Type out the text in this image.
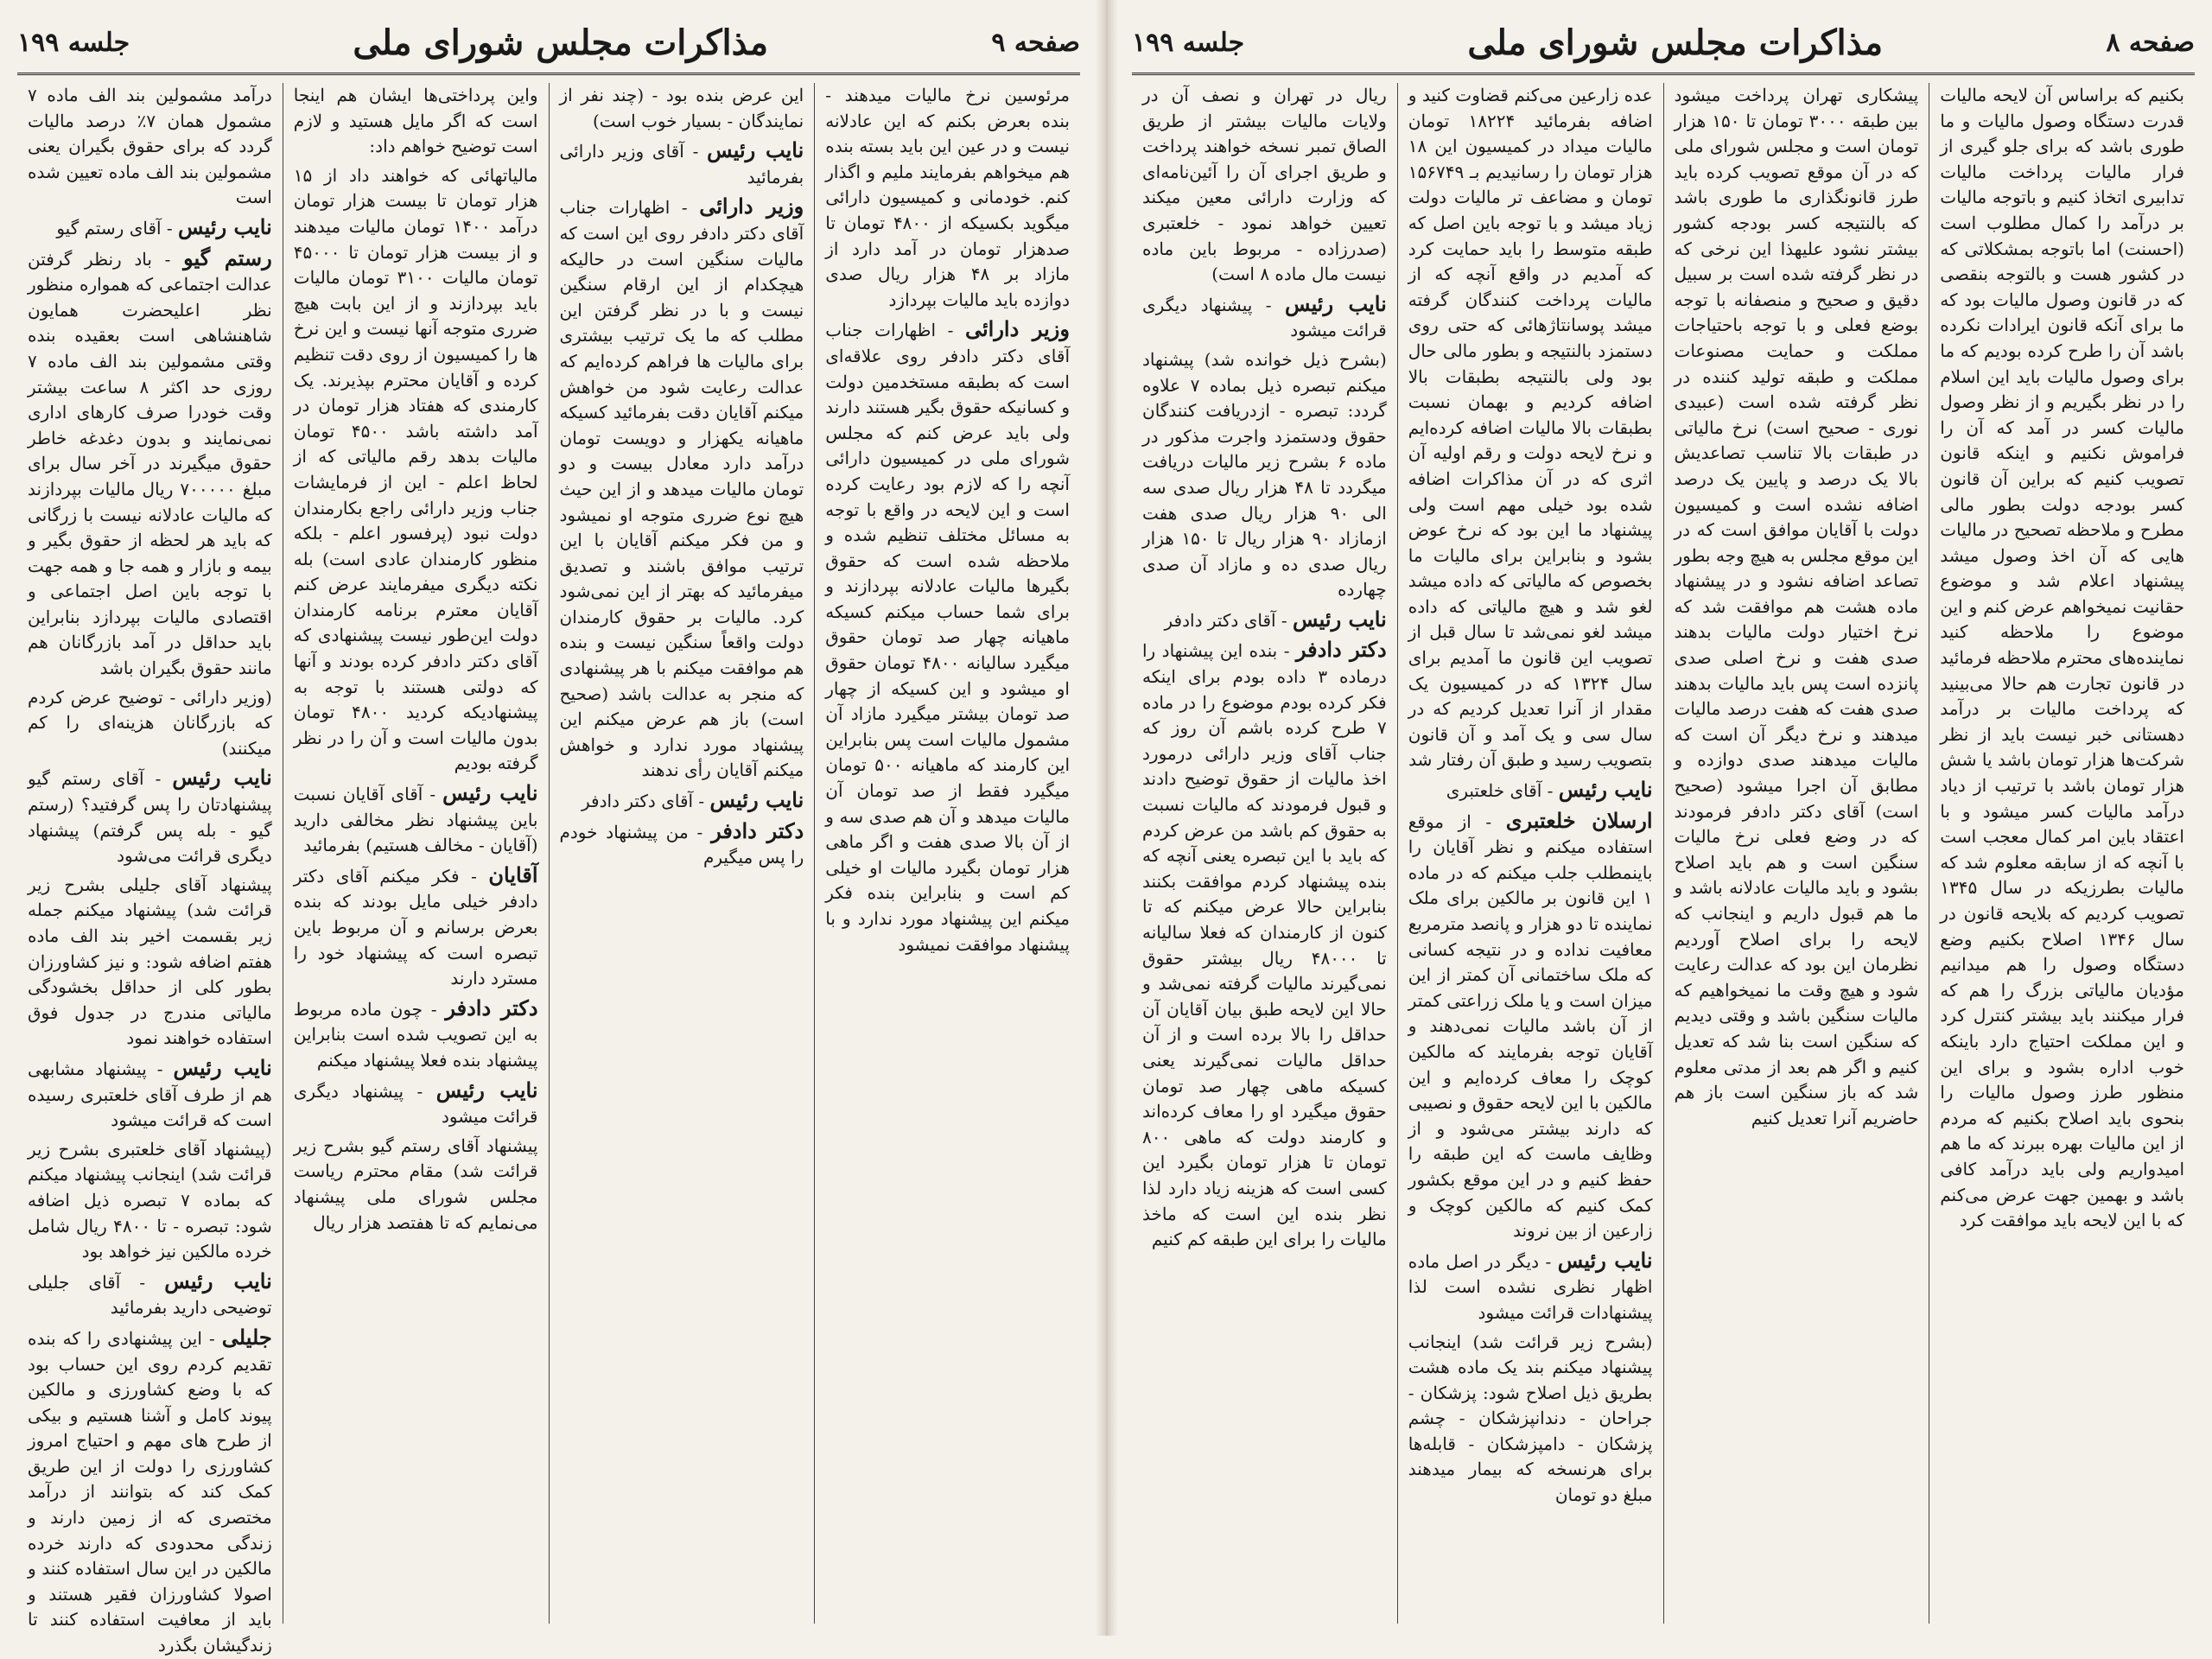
صفحه ۹
مذاکرات مجلس شورای ملی
جلسه ۱۹۹

مرئوسین نرخ مالیات میدهند - بنده بعرض بکنم که این عادلانه نیست و در عین این باید بسته بنده هم میخواهم بفرمایند ملیم و اگذار کنم. خودمانی و کمیسیون دارائی میگوید بکسیکه از ۴۸۰۰ تومان تا صدهزار تومان در آمد دارد از مازاد بر ۴۸ هزار ریال صدی دوازده باید مالیات بپردازد

وزیر دارائی - اظهارات جناب آقای دکتر دادفر روی علاقه‌ای است که بطبقه مستخدمین دولت و کسانیکه حقوق بگیر هستند دارند ولی باید عرض کنم که مجلس شورای ملی در کمیسیون دارائی آنچه را که لازم بود رعایت کرده است و این لایحه در واقع با توجه به مسائل مختلف تنظیم شده و ملاحظه شده است که حقوق بگیرها مالیات عادلانه بپردازند و برای شما حساب میکنم کسیکه ماهیانه چهار صد تومان حقوق میگیرد سالیانه ۴۸۰۰ تومان حقوق او میشود و این کسیکه از چهار صد تومان بیشتر میگیرد مازاد آن مشمول مالیات است پس بنابراین این کارمند که ماهیانه ۵۰۰ تومان میگیرد فقط از صد تومان آن مالیات میدهد و آن هم صدی سه و از آن بالا صدی هفت و اگر ماهی هزار تومان بگیرد مالیات او خیلی کم است و بنابراین بنده فکر میکنم این پیشنهاد مورد ندارد و با پیشنهاد موافقت نمیشود

این عرض بنده بود - (چند نفر از نمایندگان - بسیار خوب است)

نایب رئیس - آقای وزیر دارائی بفرمائید

وزیر دارائی - اظهارات جناب آقای دکتر دادفر روی این است که مالیات سنگین است در حالیکه هیچکدام از این ارقام سنگین نیست و با در نظر گرفتن این مطلب که ما یک ترتیب بیشتری برای مالیات ها فراهم کرده‌ایم که عدالت رعایت شود من خواهش میکنم آقایان دقت بفرمائید کسیکه ماهیانه یکهزار و دویست تومان درآمد دارد معادل بیست و دو تومان مالیات میدهد و از این حیث هیچ نوع ضرری متوجه او نمیشود و من فکر میکنم آقایان با این ترتیب موافق باشند و تصدیق میفرمائید که بهتر از این نمی‌شود کرد. مالیات بر حقوق کارمندان دولت واقعاً سنگین نیست و بنده هم موافقت میکنم با هر پیشنهادی که منجر به عدالت باشد (صحیح است) باز هم عرض میکنم این پیشنهاد مورد ندارد و خواهش میکنم آقایان رأی ندهند

نایب رئیس - آقای دکتر دادفر

دکتر دادفر - من پیشنهاد خودم را پس میگیرم

واین پرداختی‌ها ایشان هم اینجا است که اگر مایل هستید و لازم است توضیح خواهم داد:

مالیاتهائی که خواهند داد از ۱۵ هزار تومان تا بیست هزار تومان درآمد ۱۴۰۰ تومان مالیات میدهند و از بیست هزار تومان تا ۴۵۰۰۰ تومان مالیات ۳۱۰۰ تومان مالیات باید بپردازند و از این بابت هیچ ضرری متوجه آنها نیست و این نرخ ها را کمیسیون از روی دقت تنظیم کرده و آقایان محترم بپذیرند. یک کارمندی که هفتاد هزار تومان در آمد داشته باشد ۴۵۰۰ تومان مالیات بدهد رقم مالیاتی که از لحاظ اعلم - این از فرمایشات جناب وزیر دارائی راجع بکارمندان دولت نبود (پرفسور اعلم - بلکه منظور کارمندان عادی است) بله نکته دیگری میفرمایند عرض کنم آقایان معترم برنامه کارمندان دولت این‌طور نیست پیشنهادی که آقای دکتر دادفر کرده بودند و آنها که دولتی هستند با توجه به پیشنهادیکه کردید ۴۸۰۰ تومان بدون مالیات است و آن را در نظر گرفته بودیم

نایب رئیس - آقای آقایان نسبت باین پیشنهاد نظر مخالفی دارید (آقایان - مخالف هستیم) بفرمائید

آقایان - فکر میکنم آقای دکتر دادفر خیلی مایل بودند که بنده بعرض برسانم و آن مربوط باین تبصره است که پیشنهاد خود را مسترد دارند

دکتر دادفر - چون ماده مربوط به این تصویب شده است بنابراین پیشنهاد بنده فعلا پیشنهاد میکنم

نایب رئیس - پیشنهاد دیگری قرائت میشود

پیشنهاد آقای رستم گیو بشرح زیر قرائت شد) مقام محترم ریاست مجلس شورای ملی پیشنهاد می‌نمایم که تا هفتصد هزار ریال

درآمد مشمولین بند الف ماده ۷ مشمول همان ۷٪ درصد مالیات گردد که برای حقوق بگیران یعنی مشمولین بند الف ماده تعیین شده است

نایب رئیس - آقای رستم گیو

رستم گیو - باد رنظر گرفتن عدالت اجتماعی که همواره منظور نظر اعلیحضرت همایون شاهنشاهی است بعقیده بنده وقتی مشمولین بند الف ماده ۷ روزی حد اکثر ۸ ساعت بیشتر وقت خودرا صرف کارهای اداری نمی‌نمایند و بدون دغدغه خاطر حقوق میگیرند در آخر سال برای مبلغ ۷۰۰۰۰۰ ریال مالیات بپردازند که مالیات عادلانه نیست با زرگانی که باید هر لحظه از حقوق بگیر و بیمه و بازار و همه جا و همه جهت با توجه باین اصل اجتماعی و اقتصادی مالیات بپردازد بنابراین باید حداقل در آمد بازرگانان هم مانند حقوق بگیران باشد

(وزیر دارائی - توضیح عرض کردم که بازرگانان هزینه‌ای را کم میکنند)

نایب رئیس - آقای رستم گیو پیشنهادتان را پس گرفتید؟ (رستم گیو - بله پس گرفتم) پیشنهاد دیگری قرائت می‌شود

پیشنهاد آقای جلیلی بشرح زیر قرائت شد) پیشنهاد میکنم جمله زیر بقسمت اخیر بند الف ماده هفتم اضافه شود: و نیز کشاورزان بطور کلی از حداقل بخشودگی مالیاتی مندرج در جدول فوق استفاده خواهند نمود

نایب رئیس - پیشنهاد مشابهی هم از طرف آقای خلعتبری رسیده است که قرائت میشود

(پیشنهاد آقای خلعتبری بشرح زیر قرائت شد) اینجانب پیشنهاد میکنم که بماده ۷ تبصره ذیل اضافه شود: تبصره - تا ۴۸۰۰ ریال شامل خرده مالکین نیز خواهد بود

نایب رئیس - آقای جلیلی توضیحی دارید بفرمائید

جلیلی - این پیشنهادی را که بنده تقدیم کردم روی این حساب بود که با وضع کشاورزی و مالکین پیوند کامل و آشنا هستیم و بیکی از طرح های مهم و احتیاج امروز کشاورزی را دولت از این طریق کمک کند که بتوانند از درآمد مختصری که از زمین دارند و زندگی محدودی که دارند خرده مالکین در این سال استفاده کنند و اصولا کشاورزان فقیر هستند و باید از معافیت استفاده کنند تا زندگیشان بگذرد

صفحه ۸
مذاکرات مجلس شورای ملی
جلسه ۱۹۹

بکنیم که براساس آن لایحه مالیات قدرت دستگاه وصول مالیات و ما طوری باشد که برای جلو گیری از فرار مالیات پرداخت مالیات تدابیری اتخاذ کنیم و باتوجه مالیات بر درآمد را کمال مطلوب است (احسنت) اما باتوجه بمشکلاتی که در کشور هست و بالتوجه بنقصی که در قانون وصول مالیات بود که ما برای آنکه قانون ایرادات نکرده باشد آن را طرح کرده بودیم که ما برای وصول مالیات باید این اسلام را در نظر بگیریم و از نظر وصول مالیات کسر در آمد که آن را فراموش نکنیم و اینکه قانون تصویب کنیم که براین آن قانون کسر بودجه دولت بطور مالی مطرح و ملاحظه تصحیح در مالیات هایی که آن اخذ وصول میشد پیشنهاد اعلام شد و موضوع حقانیت نمیخواهم عرض کنم و این موضوع را ملاحظه کنید نماینده‌های محترم ملاحظه فرمائید در قانون تجارت هم حالا می‌بینید که پرداخت مالیات بر درآمد دهستانی خبر نیست باید از نظر شرکت‌ها هزار تومان باشد یا شش هزار تومان باشد با ترتیب از دیاد درآمد مالیات کسر میشود و با اعتقاد باین امر کمال معجب است با آنچه که از سابقه معلوم شد که مالیات بطرزیکه در سال ۱۳۴۵ تصویب کردیم که بلایحه قانون در سال ۱۳۴۶ اصلاح بکنیم وضع دستگاه وصول را هم میدانیم مؤدیان مالیاتی بزرگ را هم که فرار میکنند باید بیشتر کنترل کرد و این مملکت احتیاج دارد باینکه خوب اداره بشود و برای این منظور طرز وصول مالیات را بنحوی باید اصلاح بکنیم که مردم از این مالیات بهره ببرند که ما هم امیدواریم ولی باید درآمد کافی باشد و بهمین جهت عرض می‌کنم که با این لایحه باید موافقت کرد

پیشکاری تهران پرداخت میشود بین طبقه ۳۰۰۰ تومان تا ۱۵۰ هزار تومان است و مجلس شورای ملی که در آن موقع تصویب کرده باید طرز قانونگذاری ما طوری باشد که بالنتیجه کسر بودجه کشور بیشتر نشود علیهذا این نرخی که در نظر گرفته شده است بر سبیل دقیق و صحیح و منصفانه با توجه بوضع فعلی و با توجه باحتیاجات مملکت و حمایت مصنوعات مملکت و طبقه تولید کننده در نظر گرفته شده است (عبیدی نوری - صحیح است) نرخ مالیاتی در طبقات بالا تناسب تصاعدیش بالا یک درصد و پایین یک درصد اضافه نشده است و کمیسیون دولت با آقایان موافق است که در این موقع مجلس به هیچ وجه بطور تصاعد اضافه نشود و در پیشنهاد ماده هشت هم موافقت شد که نرخ اختیار دولت مالیات بدهند صدی هفت و نرخ اصلی صدی پانزده است پس باید مالیات بدهند صدی هفت که هفت درصد مالیات میدهند و نرخ دیگر آن است که مالیات میدهند صدی دوازده و مطابق آن اجرا میشود (صحیح است) آقای دکتر دادفر فرمودند که در وضع فعلی نرخ مالیات سنگین است و هم باید اصلاح بشود و باید مالیات عادلانه باشد و ما هم قبول داریم و اینجانب که لایحه را برای اصلاح آوردیم نظرمان این بود که عدالت رعایت شود و هیچ وقت ما نمیخواهیم که مالیات سنگین باشد و وقتی دیدیم که سنگین است بنا شد که تعدیل کنیم و اگر هم بعد از مدتی معلوم شد که باز سنگین است باز هم حاضریم آنرا تعدیل کنیم

عده زارعین می‌کنم قضاوت کنید و اضافه بفرمائید ۱۸۲۲۴ تومان مالیات میداد در کمیسیون این ۱۸ هزار تومان را رسانیدیم بـ ۱۵۶۷۴۹ تومان و مضاعف تر مالیات دولت زیاد میشد و با توجه باین اصل که طبقه متوسط را باید حمایت کرد که آمدیم در واقع آنچه که از مالیات پرداخت کنندگان گرفته میشد پوسانتاژهائی که حتی روی دستمزد بالنتیجه و بطور مالی حال بود ولی بالنتیجه بطبقات بالا اضافه کردیم و بهمان نسبت بطبقات بالا مالیات اضافه کرده‌ایم و نرخ لایحه دولت و رقم اولیه آن اثری که در آن مذاکرات اضافه شده بود خیلی مهم است ولی پیشنهاد ما این بود که نرخ عوض بشود و بنابراین برای مالیات ما بخصوص که مالیاتی که داده میشد لغو شد و هیچ مالیاتی که داده میشد لغو نمی‌شد تا سال قبل از تصویب این قانون ما آمدیم برای سال ۱۳۲۴ که در کمیسیون یک مقدار از آنرا تعدیل کردیم که در سال سی و یک آمد و آن قانون بتصویب رسید و طبق آن رفتار شد

نایب رئیس - آقای خلعتبری

ارسلان خلعتبری - از موقع استفاده میکنم و نظر آقایان را باینمطلب جلب میکنم که در ماده ۱ این قانون بر مالکین برای ملک نماینده تا دو هزار و پانصد مترمربع معافیت نداده و در نتیجه کسانی که ملک ساختمانی آن کمتر از این میزان است و یا ملک زراعتی کمتر از آن باشد مالیات نمی‌دهند و آقایان توجه بفرمایند که مالکین کوچک را معاف کرده‌ایم و این مالکین با این لایحه حقوق و نصیبی که دارند بیشتر می‌شود و از وظایف ماست که این طبقه را حفظ کنیم و در این موقع بکشور کمک کنیم که مالکین کوچک و زارعین از بین نروند

نایب رئیس - دیگر در اصل ماده اظهار نظری نشده است لذا پیشنهادات قرائت میشود

(بشرح زیر قرائت شد) اینجانب پیشنهاد میکنم بند یک ماده هشت بطریق ذیل اصلاح شود: پزشکان - جراحان - دندانپزشکان - چشم پزشکان - دامپزشکان - قابله‌ها برای هرنسخه که بیمار میدهند مبلغ دو تومان

ریال در تهران و نصف آن در ولایات مالیات بیشتر از طریق الصاق تمبر نسخه خواهند پرداخت و طریق اجرای آن را آئین‌نامه‌ای که وزارت دارائی معین میکند تعیین خواهد نمود - خلعتبری (صدرزاده - مربوط باین ماده نیست مال ماده ۸ است)

نایب رئیس - پیشنهاد دیگری قرائت میشود

(بشرح ذیل خوانده شد) پیشنهاد میکنم تبصره ذیل بماده ۷ علاوه گردد: تبصره - ازدریافت کنندگان حقوق ودستمزد واجرت مذکور در ماده ۶ بشرح زیر مالیات دریافت میگردد تا ۴۸ هزار ریال صدی سه الی ۹۰ هزار ریال صدی هفت ازمازاد ۹۰ هزار ریال تا ۱۵۰ هزار ریال صدی ده و مازاد آن صدی چهارده

نایب رئیس - آقای دکتر دادفر

دکتر دادفر - بنده این پیشنهاد را درماده ۳ داده بودم برای اینکه فکر کرده بودم موضوع را در ماده ۷ طرح کرده باشم آن روز که جناب آقای وزیر دارائی درمورد اخذ مالیات از حقوق توضیح دادند و قبول فرمودند که مالیات نسبت به حقوق کم باشد من عرض کردم که باید با این تبصره یعنی آنچه که بنده پیشنهاد کردم موافقت بکنند بنابراین حالا عرض میکنم که تا کنون از کارمندان که فعلا سالیانه تا ۴۸۰۰۰ ریال بیشتر حقوق نمی‌گیرند مالیات گرفته نمی‌شد و حالا این لایحه طبق بیان آقایان آن حداقل را بالا برده است و از آن حداقل مالیات نمی‌گیرند یعنی کسیکه ماهی چهار صد تومان حقوق میگیرد او را معاف کرده‌اند و کارمند دولت که ماهی ۸۰۰ تومان تا هزار تومان بگیرد این کسی است که هزینه زیاد دارد لذا نظر بنده این است که ماخذ مالیات را برای این طبقه کم کنیم
